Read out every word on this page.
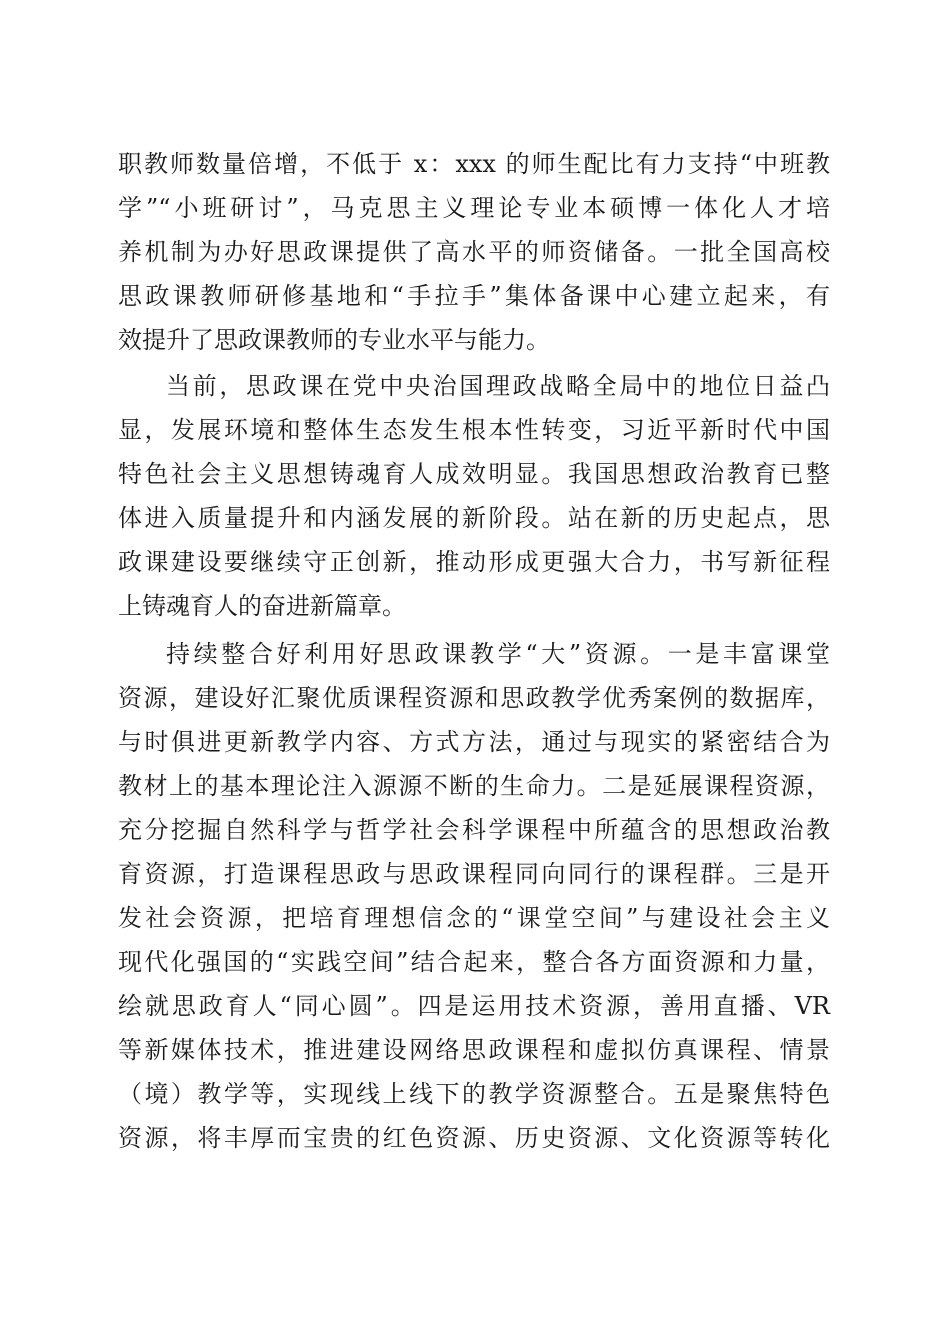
职教师数量倍增，不低于 x：xxx 的师生配比有力支持“中班教
学”“小班研讨”，马克思主义理论专业本硕博一体化人才培
养机制为办好思政课提供了高水平的师资储备。一批全国高校
思政课教师研修基地和“手拉手”集体备课中心建立起来，有
效提升了思政课教师的专业水平与能力。
当前，思政课在党中央治国理政战略全局中的地位日益凸
显，发展环境和整体生态发生根本性转变，习近平新时代中国
特色社会主义思想铸魂育人成效明显。我国思想政治教育已整
体进入质量提升和内涵发展的新阶段。站在新的历史起点，思
政课建设要继续守正创新，推动形成更强大合力，书写新征程
上铸魂育人的奋进新篇章。
持续整合好利用好思政课教学“大”资源。一是丰富课堂
资源，建设好汇聚优质课程资源和思政教学优秀案例的数据库，
与时俱进更新教学内容、方式方法，通过与现实的紧密结合为
教材上的基本理论注入源源不断的生命力。二是延展课程资源，
充分挖掘自然科学与哲学社会科学课程中所蕴含的思想政治教
育资源，打造课程思政与思政课程同向同行的课程群。三是开
发社会资源，把培育理想信念的“课堂空间”与建设社会主义
现代化强国的“实践空间”结合起来，整合各方面资源和力量，
绘就思政育人“同心圆”。四是运用技术资源，善用直播、VR
等新媒体技术，推进建设网络思政课程和虚拟仿真课程、情景
（境）教学等，实现线上线下的教学资源整合。五是聚焦特色
资源，将丰厚而宝贵的红色资源、历史资源、文化资源等转化
